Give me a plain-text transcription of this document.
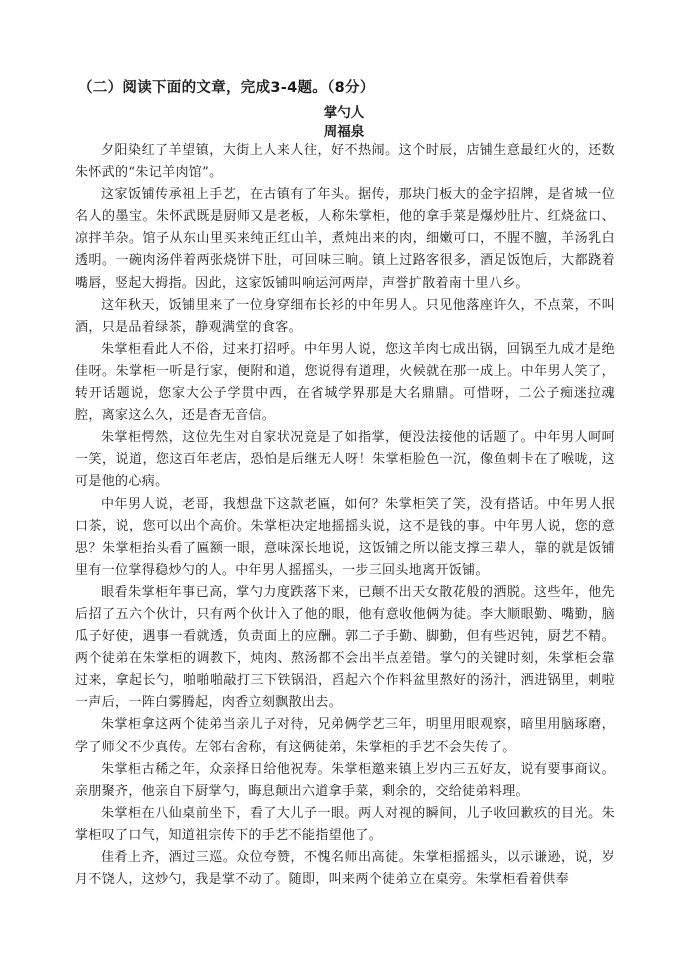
（二）阅读下面的文章，完成3-4题。（8分）
掌勺人
周福泉

夕阳染红了羊望镇，大街上人来人往，好不热闹。这个时辰，店铺生意最红火的，还数朱怀武的“朱记羊肉馆”。

这家饭铺传承祖上手艺，在古镇有了年头。据传，那块门板大的金字招牌，是省城一位名人的墨宝。朱怀武既是厨师又是老板，人称朱掌柜，他的拿手菜是爆炒肚片、红烧盆口、凉拌羊杂。馆子从东山里买来纯正红山羊，煮炖出来的肉，细嫩可口，不腥不膻，羊汤乳白透明。一碗肉汤伴着两张烧饼下肚，可回味三晌。镇上过路客很多，酒足饭饱后，大都跷着嘴唇，竖起大拇指。因此，这家饭铺叫响运河两岸，声誉扩散着南十里八乡。

这年秋天，饭铺里来了一位身穿细布长衫的中年男人。只见他落座许久，不点菜，不叫酒，只是品着绿茶，静观满堂的食客。

朱掌柜看此人不俗，过来打招呼。中年男人说，您这羊肉七成出锅，回锅至九成才是绝佳呀。朱掌柜一听是行家，便附和道，您说得有道理，火候就在那一成上。中年男人笑了，转开话题说，您家大公子学贯中西，在省城学界那是大名鼎鼎。可惜呀，二公子痴迷拉魂腔，离家这么久，还是杳无音信。

朱掌柜愕然，这位先生对自家状况竟是了如指掌，便没法接他的话题了。中年男人呵呵一笑，说道，您这百年老店，恐怕是后继无人呀！朱掌柜脸色一沉，像鱼刺卡在了喉咙，这可是他的心病。

中年男人说，老哥，我想盘下这款老匾，如何？朱掌柜笑了笑，没有搭话。中年男人抿口茶，说，您可以出个高价。朱掌柜决定地摇摇头说，这不是钱的事。中年男人说，您的意思？朱掌柜抬头看了匾额一眼，意味深长地说，这饭铺之所以能支撑三辈人，靠的就是饭铺里有一位掌得稳炒勺的人。中年男人摇摇头，一步三回头地离开饭铺。

眼看朱掌柜年事已高，掌勺力度跌落下来，已颠不出天女散花般的洒脱。这些年，他先后招了五六个伙计，只有两个伙计入了他的眼，他有意收他俩为徒。李大顺眼勤、嘴勤，脑瓜子好使，遇事一看就透，负责面上的应酬。郭二子手勤、脚勤，但有些迟钝，厨艺不精。两个徒弟在朱掌柜的调教下，炖肉、熬汤都不会出半点差错。掌勺的关键时刻，朱掌柜会靠过来，拿起长勺，啪啪啪敲打三下铁锅沿，舀起六个作料盆里熬好的汤汁，洒进锅里，刺啦一声后，一阵白雾腾起，肉香立刻飘散出去。

朱掌柜拿这两个徒弟当亲儿子对待，兄弟俩学艺三年，明里用眼观察，暗里用脑琢磨，学了师父不少真传。左邻右舍称，有这俩徒弟，朱掌柜的手艺不会失传了。

朱掌柜古稀之年，众亲择日给他祝寿。朱掌柜邀来镇上岁内三五好友，说有要事商议。亲朋聚齐，他亲自下厨掌勺，晦息颠出六道拿手菜，剩余的，交给徒弟料理。

朱掌柜在八仙桌前坐下，看了大儿子一眼。两人对视的瞬间，儿子收回歉疚的目光。朱掌柜叹了口气，知道祖宗传下的手艺不能指望他了。

佳肴上齐，酒过三巡。众位夸赞，不愧名师出高徒。朱掌柜摇摇头，以示谦逊，说，岁月不饶人，这炒勺，我是掌不动了。随即，叫来两个徒弟立在桌旁。朱掌柜看着供奉
